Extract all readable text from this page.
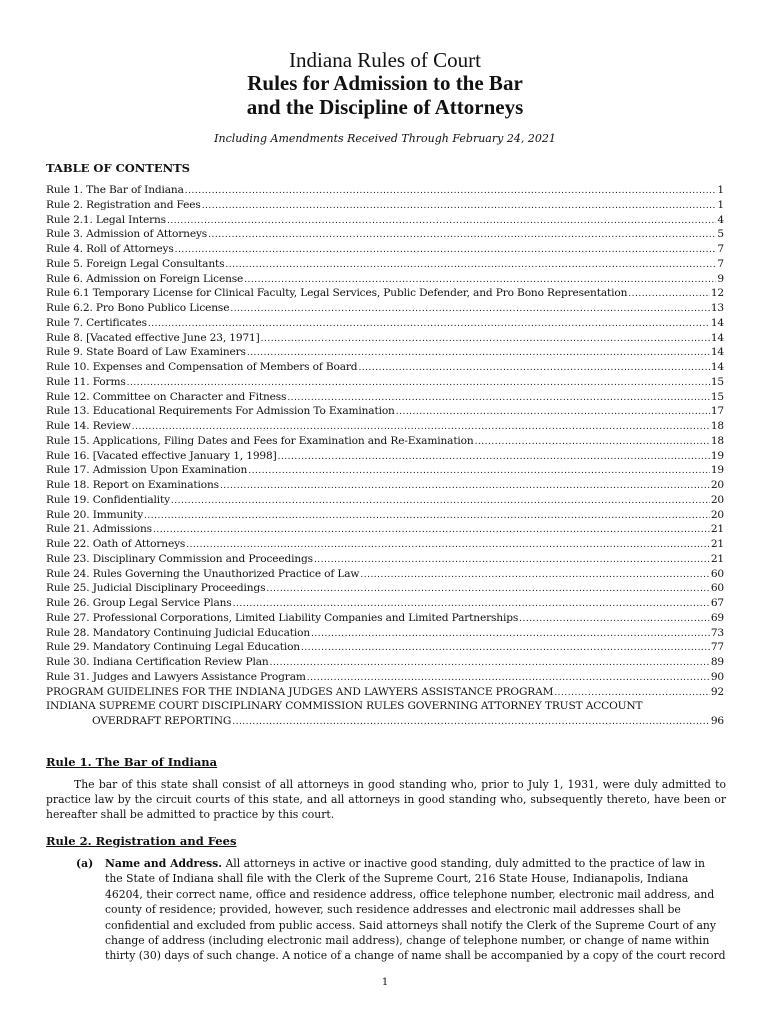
Indiana Rules of Court
Rules for Admission to the Bar
and the Discipline of Attorneys
Including Amendments Received Through February 24, 2021
TABLE OF CONTENTS
Rule 1. The Bar of Indiana .....	1
Rule 2. Registration and Fees .....	1
Rule 2.1. Legal Interns .....	4
Rule 3. Admission of Attorneys .....	5
Rule 4. Roll of Attorneys .....	7
Rule 5. Foreign Legal Consultants .....	7
Rule 6. Admission on Foreign License .....	9
Rule 6.1 Temporary License for Clinical Faculty, Legal Services, Public Defender, and Pro Bono Representation .....	12
Rule 6.2. Pro Bono Publico License .....	13
Rule 7. Certificates .....	14
Rule 8. [Vacated effective June 23, 1971] .....	14
Rule 9. State Board of Law Examiners .....	14
Rule 10. Expenses and Compensation of Members of Board .....	14
Rule 11. Forms .....	15
Rule 12. Committee on Character and Fitness .....	15
Rule 13. Educational Requirements For Admission To Examination .....	17
Rule 14. Review .....	18
Rule 15. Applications, Filing Dates and Fees for Examination and Re-Examination .....	18
Rule 16. [Vacated effective January 1, 1998] .....	19
Rule 17. Admission Upon Examination .....	19
Rule 18. Report on Examinations .....	20
Rule 19. Confidentiality .....	20
Rule 20. Immunity .....	20
Rule 21. Admissions .....	21
Rule 22. Oath of Attorneys .....	21
Rule 23. Disciplinary Commission and Proceedings .....	21
Rule 24. Rules Governing the Unauthorized Practice of Law .....	60
Rule 25. Judicial Disciplinary Proceedings .....	60
Rule 26. Group Legal Service Plans .....	67
Rule 27. Professional Corporations, Limited Liability Companies and Limited Partnerships .....	69
Rule 28. Mandatory Continuing Judicial Education .....	73
Rule 29. Mandatory Continuing Legal Education .....	77
Rule 30. Indiana Certification Review Plan .....	89
Rule 31. Judges and Lawyers Assistance Program .....	90
PROGRAM GUIDELINES FOR THE INDIANA JUDGES AND LAWYERS ASSISTANCE PROGRAM .....	92
INDIANA SUPREME COURT DISCIPLINARY COMMISSION RULES GOVERNING ATTORNEY TRUST ACCOUNT
OVERDRAFT REPORTING .....	96
Rule 1. The Bar of Indiana
The bar of this state shall consist of all attorneys in good standing who, prior to July 1, 1931, were duly admitted to practice law by the circuit courts of this state, and all attorneys in good standing who, subsequently thereto, have been or hereafter shall be admitted to practice by this court.
Rule 2. Registration and Fees
(a) Name and Address. All attorneys in active or inactive good standing, duly admitted to the practice of law in the State of Indiana shall file with the Clerk of the Supreme Court, 216 State House, Indianapolis, Indiana 46204, their correct name, office and residence address, office telephone number, electronic mail address, and county of residence; provided, however, such residence addresses and electronic mail addresses shall be confidential and excluded from public access. Said attorneys shall notify the Clerk of the Supreme Court of any change of address (including electronic mail address), change of telephone number, or change of name within thirty (30) days of such change. A notice of a change of name shall be accompanied by a copy of the court record
1
